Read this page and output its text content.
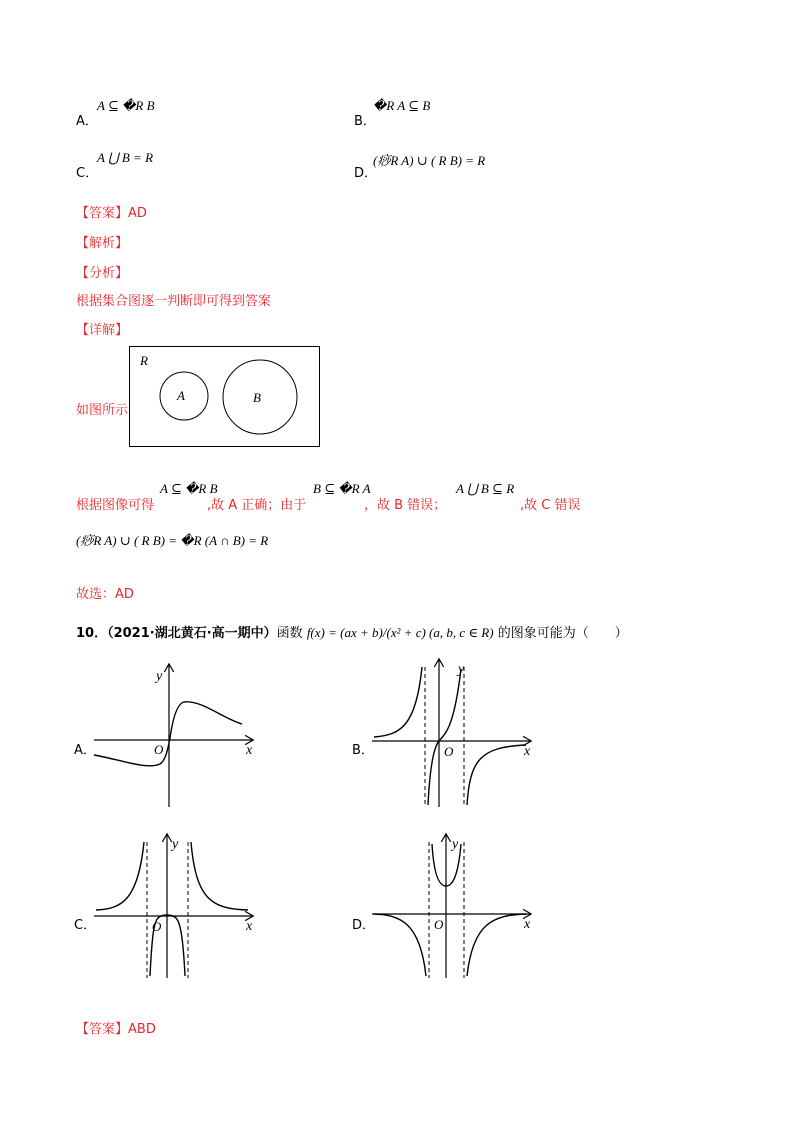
A．
A ⊆ �R B
B．
�R A ⊆ B
C．
A ⋃ B = R
D．
(痧R A) ∪ ( R B) = R
【答案】AD
【解析】
【分析】
根据集合图逐一判断即可得到答案
【详解】
如图所示
R
A	B
根据图像可得
A ⊆ �R B
,故 A 正确；由于
B ⊆ �R A
，故 B 错误；
A ⋃ B ⊆ R
,故 C 错误
(痧R A) ∪ ( R B) = �R (A ∩ B) = R
故选：AD
10．（2021·湖北黄石·高一期中）函数 f(x) = (ax + b)/(x² + c) (a, b, c ∈ R) 的图象可能为（　　）
A．
y
x
O	B．
y
x
O
C．
y
x
O	D．
y
x
O
【答案】ABD
